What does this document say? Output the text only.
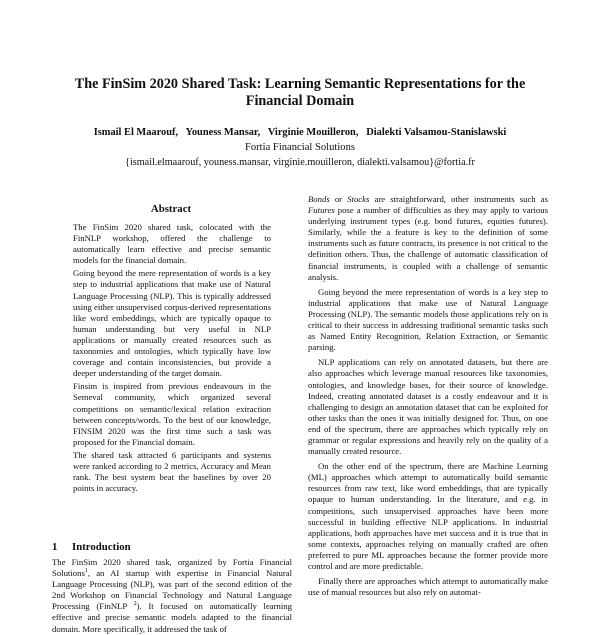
The FinSim 2020 Shared Task: Learning Semantic Representations for the Financial Domain
Ismail El Maarouf, Youness Mansar, Virginie Mouilleron, Dialekti Valsamou-Stanislawski
Fortia Financial Solutions
{ismail.elmaarouf, youness.mansar, virginie.mouilleron, dialekti.valsamou}@fortia.fr
Abstract

The FinSim 2020 shared task, colocated with the FinNLP workshop, offered the challenge to automatically learn effective and precise semantic models for the financial domain.

Going beyond the mere representation of words is a key step to industrial applications that make use of Natural Language Processing (NLP). This is typically addressed using either unsupervised corpus-derived representations like word embeddings, which are typically opaque to human understanding but very useful in NLP applications or manually created resources such as taxonomies and ontologies, which typically have low coverage and contain inconsistencies, but provide a deeper understanding of the target domain.

Finsim is inspired from previous endeavours in the Semeval community, which organized several competitions on semantic/lexical relation extraction between concepts/words. To the best of our knowledge, FINSIM 2020 was the first time such a task was proposed for the Financial domain.

The shared task attracted 6 participants and systems were ranked according to 2 metrics, Accuracy and Mean rank. The best system beat the baselines by over 20 points in accuracy.

1 Introduction

The FinSim 2020 shared task, organized by Fortia Financial Solutions$^1$, an AI startup with expertise in Financial Natural Language Processing (NLP), was part of the second edition of the 2nd Workshop on Financial Technology and Natural Language Processing (FinNLP $^2$). It focused on automatically learning effective and precise semantic models adapted to the financial domain. More specifically, it addressed the task of

Bonds or Stocks are straightforward, other instruments such as Futures pose a number of difficulties as they may apply to various underlying instrument types (e.g. bond futures, equities futures). Similarly, while the a feature is key to the definition of some instruments such as future contracts, its presence is not critical to the definition others. Thus, the challenge of automatic classification of financial instruments, is coupled with a challenge of semantic analysis.

Going beyond the mere representation of words is a key step to industrial applications that make use of Natural Language Processing (NLP). The semantic models those applications rely on is critical to their success in addressing traditional semantic tasks such as Named Entity Recognition, Relation Extraction, or Semantic parsing.

NLP applications can rely on annotated datasets, but there are also approaches which leverage manual resources like taxonomies, ontologies, and knowledge bases, for their source of knowledge. Indeed, creating annotated dataset is a costly endeavour and it is challenging to design an annotation dataset that can be exploited for other tasks than the ones it was initially designed for. Thus, on one end of the spectrum, there are approaches which typically rely on grammar or regular expressions and heavily rely on the quality of a manually created resource.

On the other end of the spectrum, there are Machine Learning (ML) approaches which attempt to automatically build semantic resources from raw text, like word embeddings, that are typically opaque to human understanding. In the literature, and e.g. in competitions, such unsupervised approaches have been more successful in building effective NLP applications. In industrial applications, both approaches have met success and it is true that in some contexts, approaches relying on manually crafted are often preferred to pure ML approaches because the former provide more control and are more predictable.

Finally there are approaches which attempt to automatically make use of manual resources but also rely on automat-
